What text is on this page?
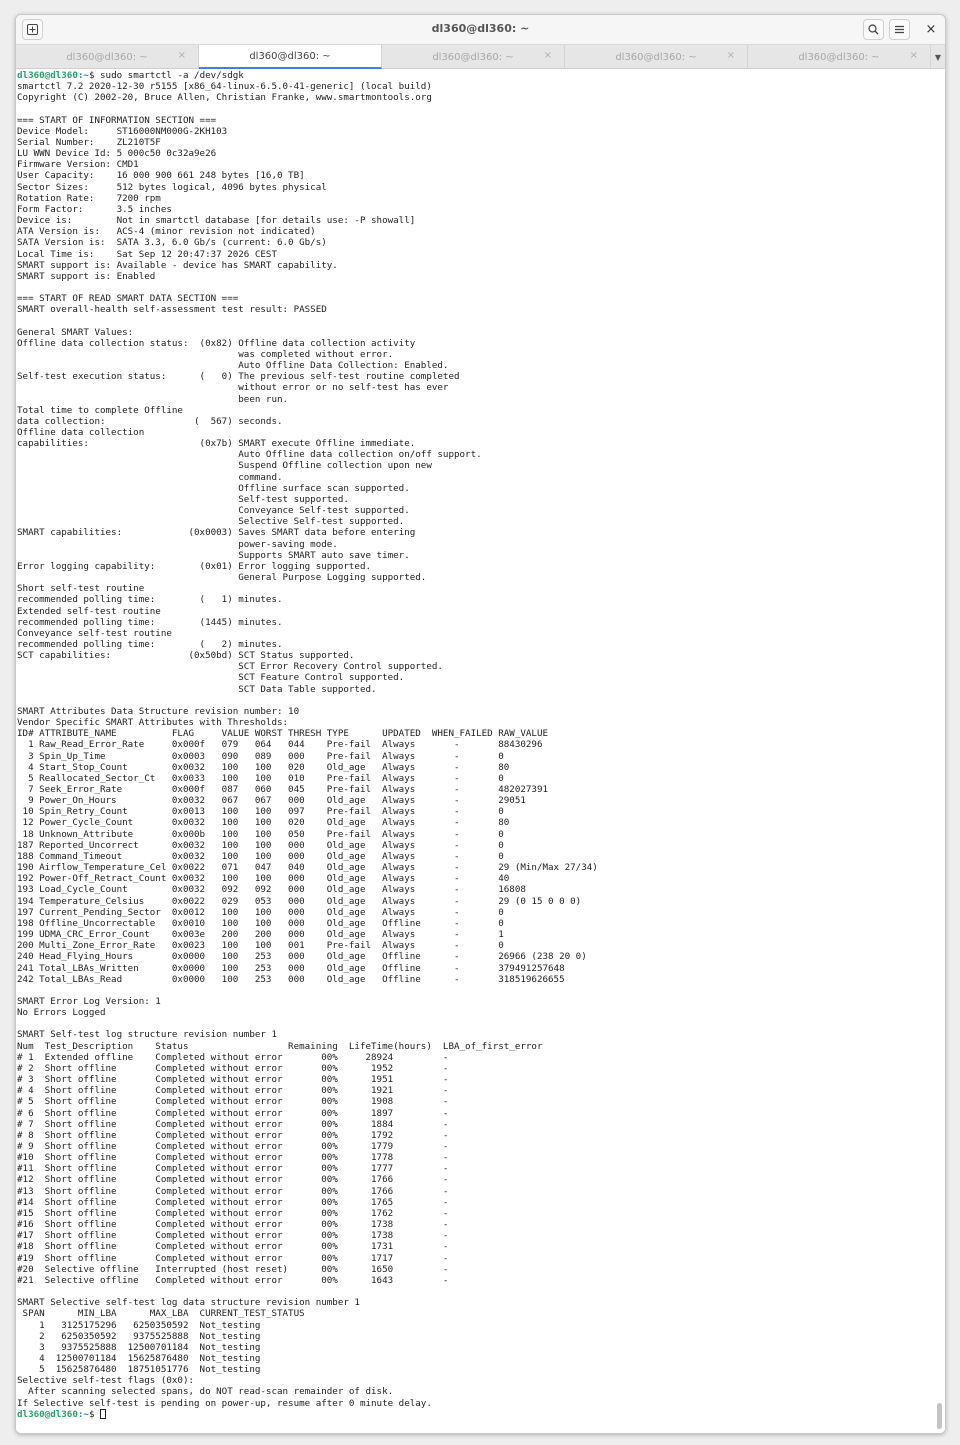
dl360@dl360: ~	×
dl360@dl360: ~	×	dl360@dl360: ~	dl360@dl360: ~	×	dl360@dl360: ~	×	dl360@dl360: ~	× ▼
dl360@dl360:~$ sudo smartctl -a /dev/sdgk
smartctl 7.2 2020-12-30 r5155 [x86_64-linux-6.5.0-41-generic] (local build)
Copyright (C) 2002-20, Bruce Allen, Christian Franke, www.smartmontools.org

=== START OF INFORMATION SECTION ===
Device Model:     ST16000NM000G-2KH103
Serial Number:    ZL210T5F
LU WWN Device Id: 5 000c50 0c32a9e26
Firmware Version: CMD1
User Capacity:    16 000 900 661 248 bytes [16,0 TB]
Sector Sizes:     512 bytes logical, 4096 bytes physical
Rotation Rate:    7200 rpm
Form Factor:      3.5 inches
Device is:        Not in smartctl database [for details use: -P showall]
ATA Version is:   ACS-4 (minor revision not indicated)
SATA Version is:  SATA 3.3, 6.0 Gb/s (current: 6.0 Gb/s)
Local Time is:    Sat Sep 12 20:47:37 2026 CEST
SMART support is: Available - device has SMART capability.
SMART support is: Enabled

=== START OF READ SMART DATA SECTION ===
SMART overall-health self-assessment test result: PASSED

General SMART Values:
Offline data collection status:  (0x82) Offline data collection activity
was completed without error.
Auto Offline Data Collection: Enabled.
Self-test execution status:      (   0) The previous self-test routine completed
without error or no self-test has ever
been run.
Total time to complete Offline
data collection:                (  567) seconds.
Offline data collection
capabilities:                    (0x7b) SMART execute Offline immediate.
Auto Offline data collection on/off support.
Suspend Offline collection upon new
command.
Offline surface scan supported.
Self-test supported.
Conveyance Self-test supported.
Selective Self-test supported.
SMART capabilities:            (0x0003) Saves SMART data before entering
power-saving mode.
Supports SMART auto save timer.
Error logging capability:        (0x01) Error logging supported.
General Purpose Logging supported.
Short self-test routine
recommended polling time:        (   1) minutes.
Extended self-test routine
recommended polling time:        (1445) minutes.
Conveyance self-test routine
recommended polling time:        (   2) minutes.
SCT capabilities:              (0x50bd) SCT Status supported.
SCT Error Recovery Control supported.
SCT Feature Control supported.
SCT Data Table supported.

SMART Attributes Data Structure revision number: 10
Vendor Specific SMART Attributes with Thresholds:
ID# ATTRIBUTE_NAME          FLAG     VALUE WORST THRESH TYPE      UPDATED  WHEN_FAILED RAW_VALUE
1 Raw_Read_Error_Rate     0x000f   079   064   044    Pre-fail  Always       -       88430296
3 Spin_Up_Time            0x0003   090   089   000    Pre-fail  Always       -       0
4 Start_Stop_Count        0x0032   100   100   020    Old_age   Always       -       80
5 Reallocated_Sector_Ct   0x0033   100   100   010    Pre-fail  Always       -       0
7 Seek_Error_Rate         0x000f   087   060   045    Pre-fail  Always       -       482027391
9 Power_On_Hours          0x0032   067   067   000    Old_age   Always       -       29051
10 Spin_Retry_Count        0x0013   100   100   097    Pre-fail  Always       -       0
12 Power_Cycle_Count       0x0032   100   100   020    Old_age   Always       -       80
18 Unknown_Attribute       0x000b   100   100   050    Pre-fail  Always       -       0
187 Reported_Uncorrect      0x0032   100   100   000    Old_age   Always       -       0
188 Command_Timeout         0x0032   100   100   000    Old_age   Always       -       0
190 Airflow_Temperature_Cel 0x0022   071   047   040    Old_age   Always       -       29 (Min/Max 27/34)
192 Power-Off_Retract_Count 0x0032   100   100   000    Old_age   Always       -       40
193 Load_Cycle_Count        0x0032   092   092   000    Old_age   Always       -       16808
194 Temperature_Celsius     0x0022   029   053   000    Old_age   Always       -       29 (0 15 0 0 0)
197 Current_Pending_Sector  0x0012   100   100   000    Old_age   Always       -       0
198 Offline_Uncorrectable   0x0010   100   100   000    Old_age   Offline      -       0
199 UDMA_CRC_Error_Count    0x003e   200   200   000    Old_age   Always       -       1
200 Multi_Zone_Error_Rate   0x0023   100   100   001    Pre-fail  Always       -       0
240 Head_Flying_Hours       0x0000   100   253   000    Old_age   Offline      -       26966 (238 20 0)
241 Total_LBAs_Written      0x0000   100   253   000    Old_age   Offline      -       379491257648
242 Total_LBAs_Read         0x0000   100   253   000    Old_age   Offline      -       318519626655

SMART Error Log Version: 1
No Errors Logged

SMART Self-test log structure revision number 1
Num  Test_Description    Status                  Remaining  LifeTime(hours)  LBA_of_first_error
# 1  Extended offline    Completed without error       00%     28924         -
# 2  Short offline       Completed without error       00%      1952         -
# 3  Short offline       Completed without error       00%      1951         -
# 4  Short offline       Completed without error       00%      1921         -
# 5  Short offline       Completed without error       00%      1908         -
# 6  Short offline       Completed without error       00%      1897         -
# 7  Short offline       Completed without error       00%      1884         -
# 8  Short offline       Completed without error       00%      1792         -
# 9  Short offline       Completed without error       00%      1779         -
#10  Short offline       Completed without error       00%      1778         -
#11  Short offline       Completed without error       00%      1777         -
#12  Short offline       Completed without error       00%      1766         -
#13  Short offline       Completed without error       00%      1766         -
#14  Short offline       Completed without error       00%      1765         -
#15  Short offline       Completed without error       00%      1762         -
#16  Short offline       Completed without error       00%      1738         -
#17  Short offline       Completed without error       00%      1738         -
#18  Short offline       Completed without error       00%      1731         -
#19  Short offline       Completed without error       00%      1717         -
#20  Selective offline   Interrupted (host reset)      00%      1650         -
#21  Selective offline   Completed without error       00%      1643         -

SMART Selective self-test log data structure revision number 1
SPAN      MIN_LBA      MAX_LBA  CURRENT_TEST_STATUS
1   3125175296   6250350592  Not_testing
2   6250350592   9375525888  Not_testing
3   9375525888  12500701184  Not_testing
4  12500701184  15625876480  Not_testing
5  15625876480  18751051776  Not_testing
Selective self-test flags (0x0):
After scanning selected spans, do NOT read-scan remainder of disk.
If Selective self-test is pending on power-up, resume after 0 minute delay.
dl360@dl360:~$
